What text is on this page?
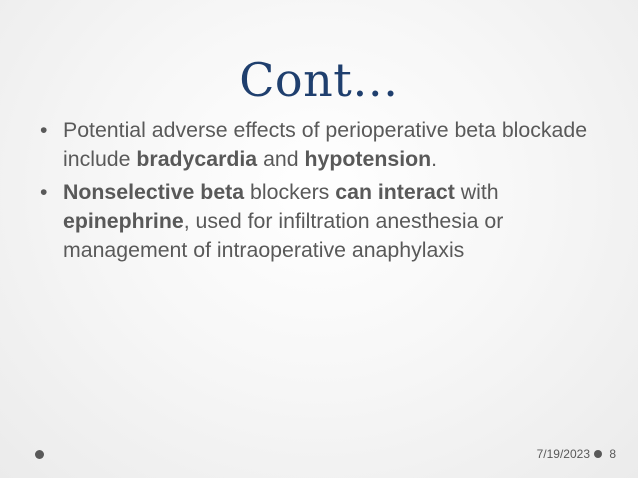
Cont…
• Potential adverse effects of perioperative beta blockade include bradycardia and hypotension.
• Nonselective beta blockers can interact with epinephrine, used for infiltration anesthesia or management of intraoperative anaphylaxis
7/19/2023 8
